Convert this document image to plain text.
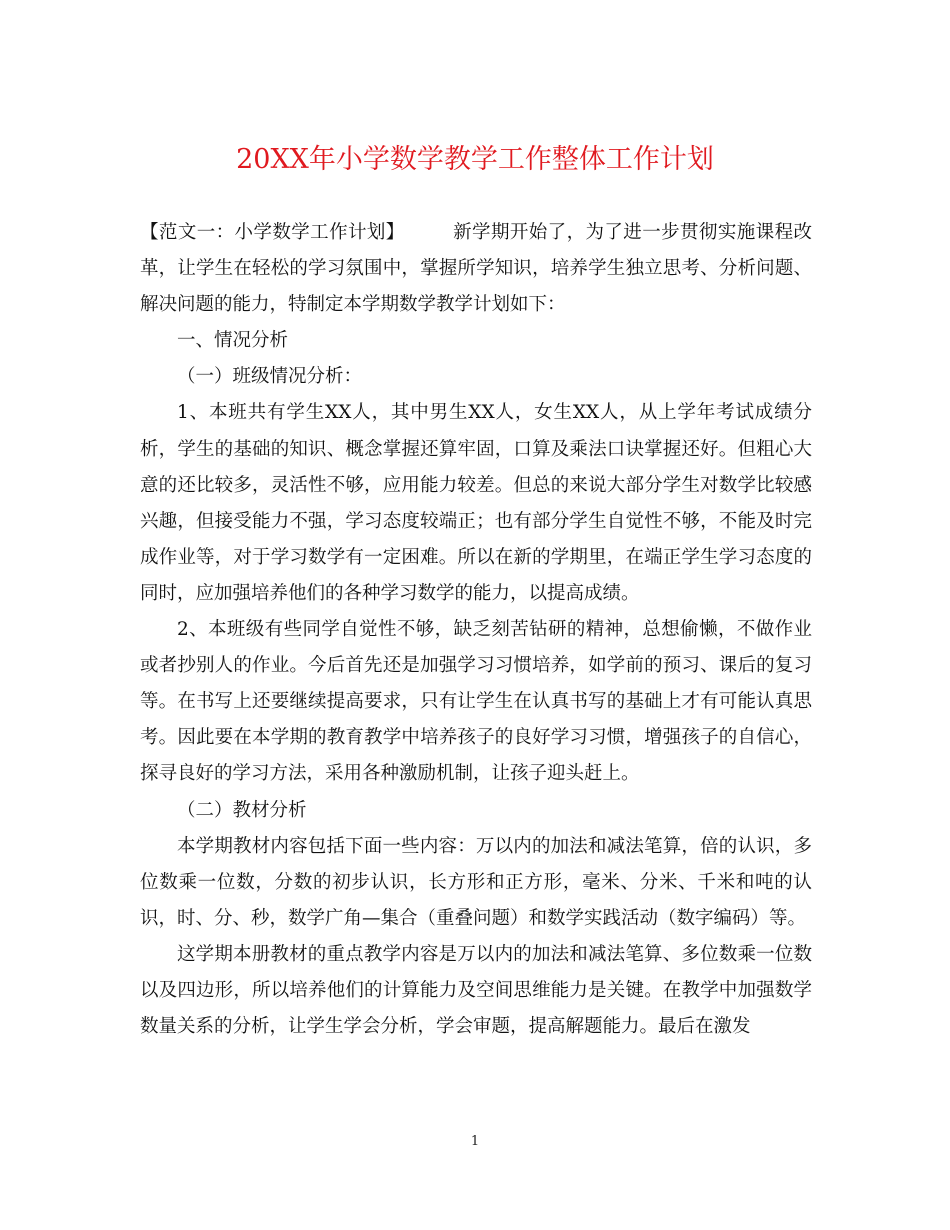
20XX年小学数学教学工作整体工作计划

【范文一：小学数学工作计划】	新学期开始了，为了进一步贯彻实施课程改革，让学生在轻松的学习氛围中，掌握所学知识，培养学生独立思考、分析问题、解决问题的能力，特制定本学期数学教学计划如下：

一、情况分析

（一）班级情况分析：

1、本班共有学生XX人，其中男生XX人，女生XX人，从上学年考试成绩分析，学生的基础的知识、概念掌握还算牢固，口算及乘法口诀掌握还好。但粗心大意的还比较多，灵活性不够，应用能力较差。但总的来说大部分学生对数学比较感兴趣，但接受能力不强，学习态度较端正；也有部分学生自觉性不够，不能及时完成作业等，对于学习数学有一定困难。所以在新的学期里，在端正学生学习态度的同时，应加强培养他们的各种学习数学的能力，以提高成绩。

2、本班级有些同学自觉性不够，缺乏刻苦钻研的精神，总想偷懒，不做作业或者抄别人的作业。今后首先还是加强学习习惯培养，如学前的预习、课后的复习等。在书写上还要继续提高要求，只有让学生在认真书写的基础上才有可能认真思考。因此要在本学期的教育教学中培养孩子的良好学习习惯，增强孩子的自信心，探寻良好的学习方法，采用各种激励机制，让孩子迎头赶上。

（二）教材分析

本学期教材内容包括下面一些内容：万以内的加法和减法笔算，倍的认识，多位数乘一位数，分数的初步认识，长方形和正方形，毫米、分米、千米和吨的认识，时、分、秒，数学广角—集合（重叠问题）和数学实践活动（数字编码）等。

这学期本册教材的重点教学内容是万以内的加法和减法笔算、多位数乘一位数以及四边形，所以培养他们的计算能力及空间思维能力是关键。在教学中加强数学数量关系的分析，让学生学会分析，学会审题，提高解题能力。最后在激发

1
